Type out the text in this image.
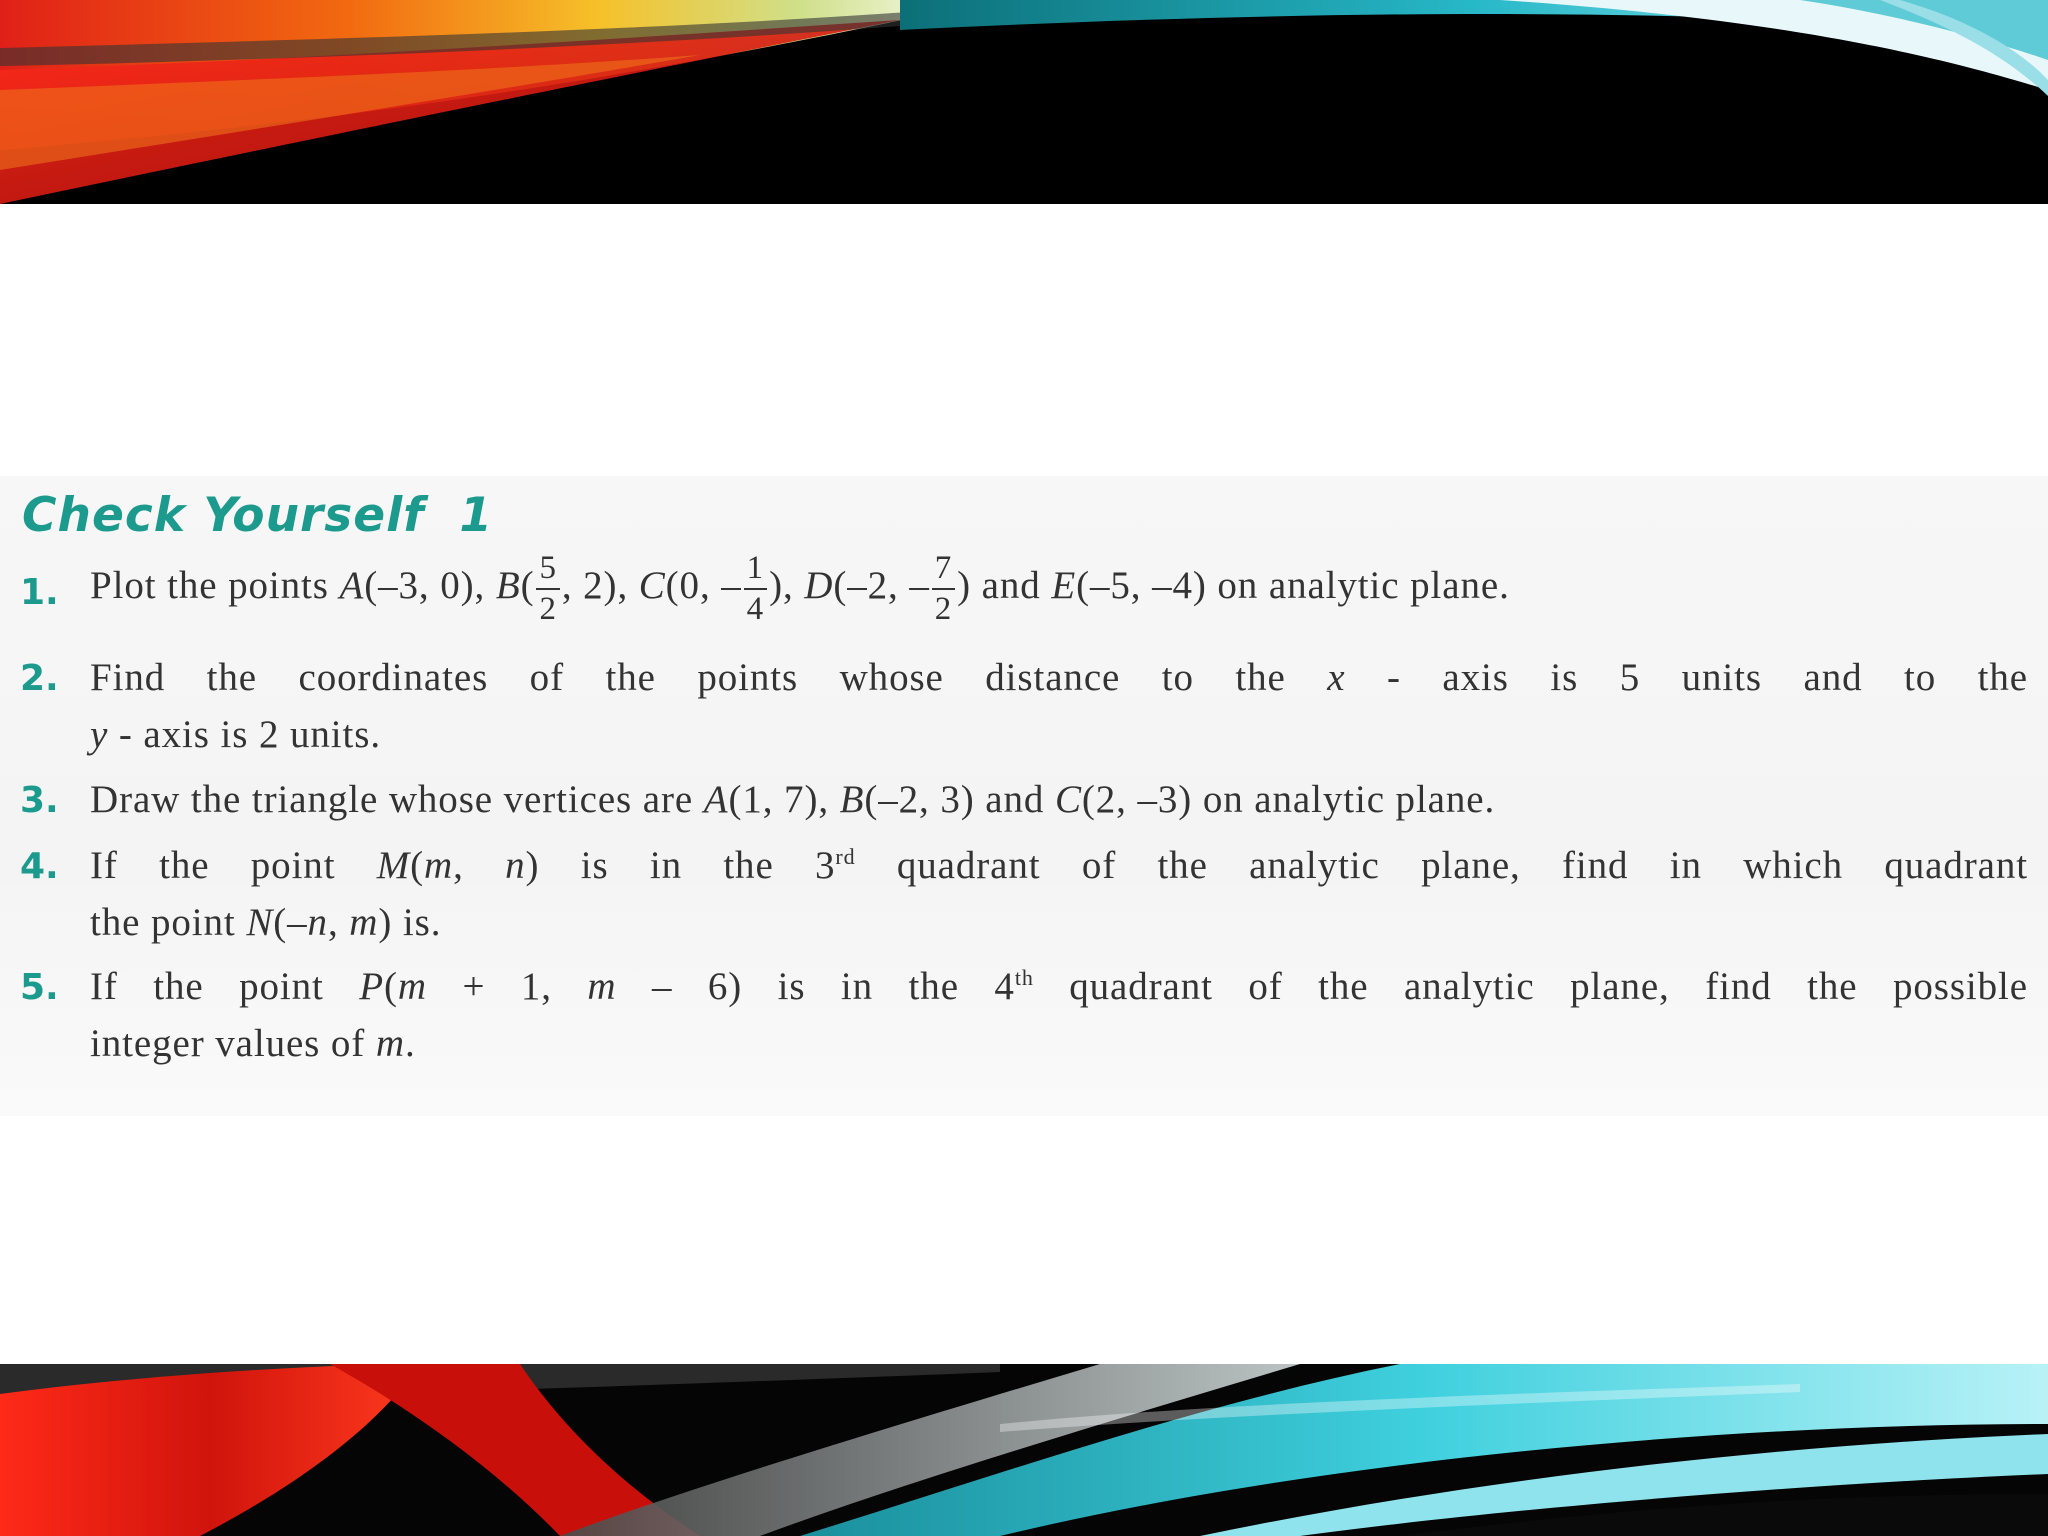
Check Yourself  1
1. Plot the points A(–3, 0), $B( \frac{5}{2}$ , 2), C(0, – $\frac{1}{4}$ ), D(–2, – $\frac{7}{2}$ ) and E(–5, –4) on analytic plane.
2. Find the coordinates of the points whose distance to the x - axis is 5 units and to the
y - axis is 2 units.
3. Draw the triangle whose vertices are A(1, 7), B(–2, 3) and C(2, –3) on analytic plane.
4. If the point M(m, n) is in the 3rd quadrant of the analytic plane, find in which quadrant
the point N(–n, m) is.
5. If the point P(m + 1, m – 6) is in the 4th quadrant of the analytic plane, find the possible
integer values of m.
